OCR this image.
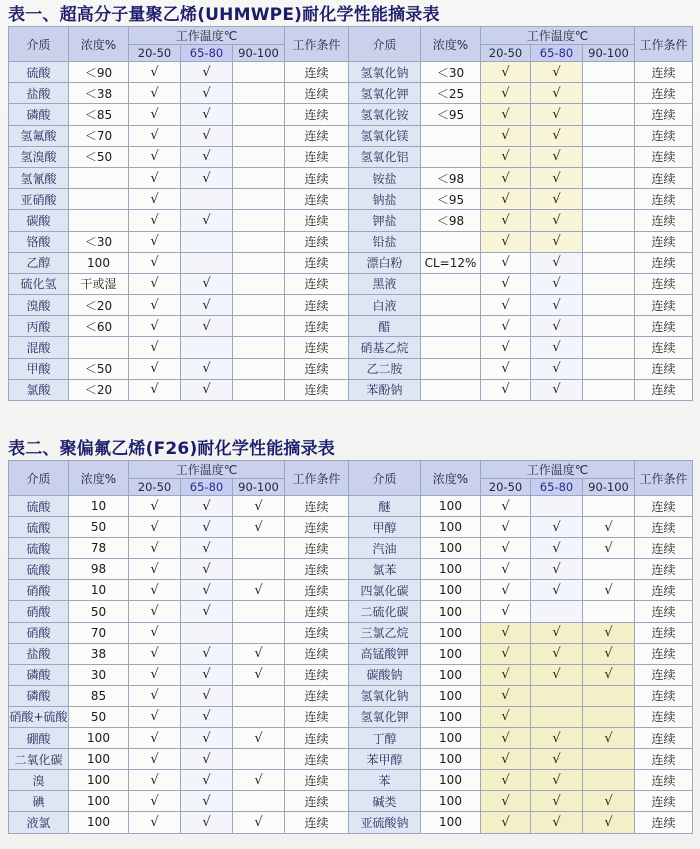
表一、超高分子量聚乙烯(UHMWPE)耐化学性能摘录表
介质	浓度%	工作温度℃			工作条件	介质	浓度%	工作温度℃			工作条件
		20-50	65-80	90-100				20-50	65-80	90-100	
硫酸	＜90	√	√		连续	氢氧化钠	＜30	√	√		连续
盐酸	＜38	√	√		连续	氢氧化钾	＜25	√	√		连续
磷酸	＜85	√	√		连续	氢氧化铵	＜95	√	√		连续
氢氟酸	＜70	√	√		连续	氢氧化镁		√	√		连续
氢溴酸	＜50	√	√		连续	氢氧化铝		√	√		连续
氢氰酸		√	√		连续	铵盐	＜98	√	√		连续
亚硝酸		√			连续	钠盐	＜95	√	√		连续
碳酸		√	√		连续	钾盐	＜98	√	√		连续
铬酸	＜30	√			连续	铅盐		√	√		连续
乙醇	100	√			连续	漂白粉	CL=12%	√	√		连续
硫化氢	干或湿	√	√		连续	黑液		√	√		连续
溴酸	＜20	√	√		连续	白液		√	√		连续
丙酸	＜60	√	√		连续	醋		√	√		连续
混酸		√			连续	硝基乙烷		√	√		连续
甲酸	＜50	√	√		连续	乙二胺		√	√		连续
氯酸	＜20	√	√		连续	苯酚钠		√	√		连续
表二、聚偏氟乙烯(F26)耐化学性能摘录表
介质	浓度%	工作温度℃			工作条件	介质	浓度%	工作温度℃			工作条件
		20-50	65-80	90-100				20-50	65-80	90-100	
硫酸	10	√	√	√	连续	醚	100	√			连续
硫酸	50	√	√	√	连续	甲醇	100	√	√	√	连续
硫酸	78	√	√		连续	汽油	100	√	√	√	连续
硫酸	98	√	√		连续	氯苯	100	√	√		连续
硝酸	10	√	√	√	连续	四氯化碳	100	√	√	√	连续
硝酸	50	√	√		连续	二硫化碳	100	√			连续
硝酸	70	√			连续	三氯乙烷	100	√	√	√	连续
盐酸	38	√	√	√	连续	高锰酸钾	100	√	√	√	连续
磷酸	30	√	√	√	连续	碳酸钠	100	√	√	√	连续
磷酸	85	√	√		连续	氢氧化钠	100	√			连续
硝酸+硫酸	50	√	√		连续	氢氧化钾	100	√			连续
硼酸	100	√	√	√	连续	丁醇	100	√	√	√	连续
二氧化碳	100	√	√		连续	苯甲醇	100	√	√		连续
溴	100	√	√	√	连续	苯	100	√	√		连续
碘	100	√	√		连续	碱类	100	√	√	√	连续
液氯	100	√	√	√	连续	亚硫酸钠	100	√	√	√	连续
